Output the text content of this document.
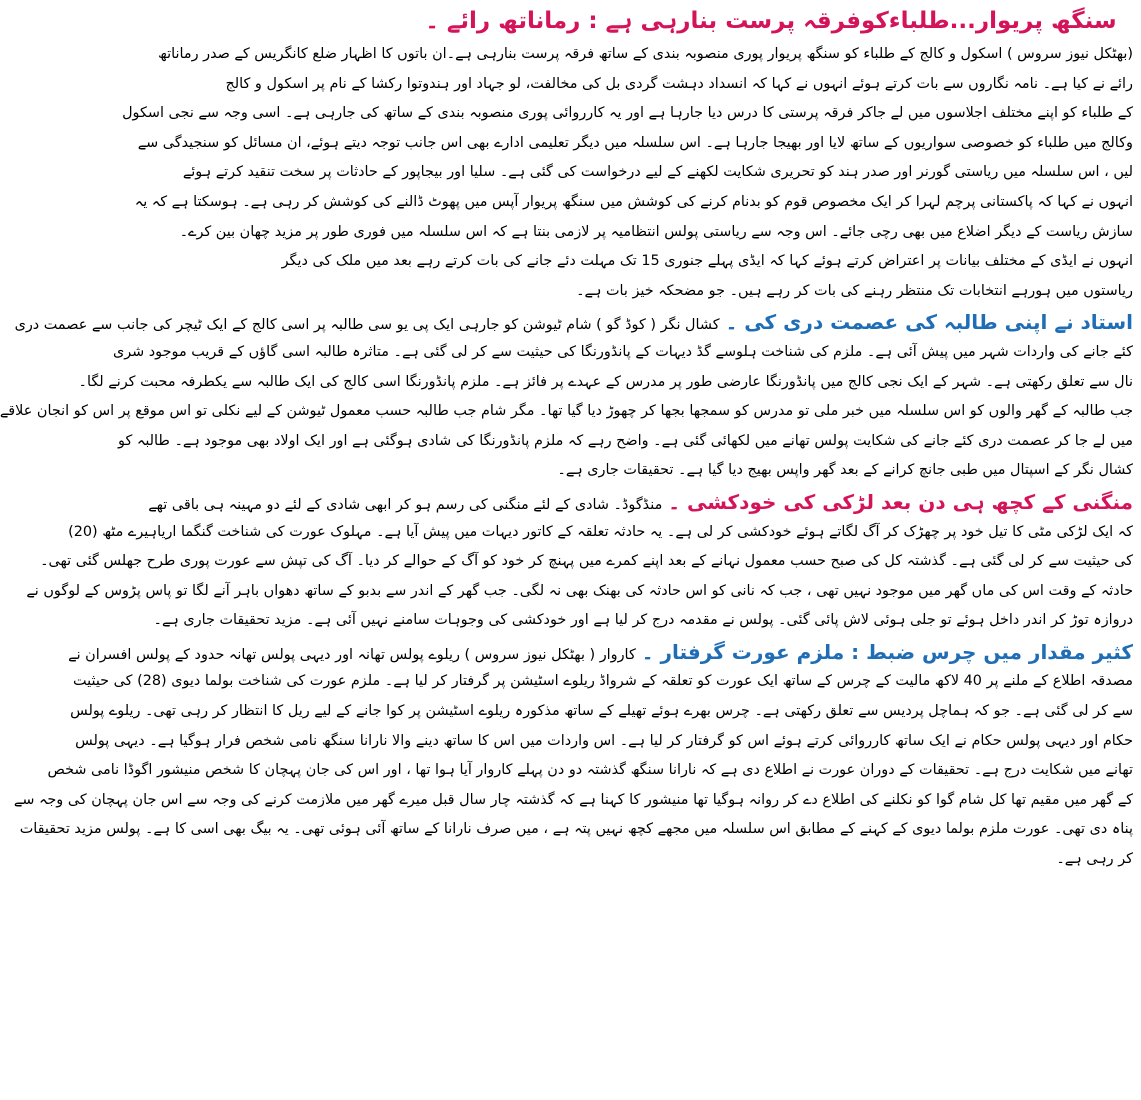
سنگھ پریوار...طلباءکوفرقہ پرست بنارہی ہے : رماناتھ رائے ۔
(بھٹکل نیوز سروس ) اسکول و کالج کے طلباء کو سنگھ پریوار پوری منصوبہ بندی کے ساتھ فرقہ پرست بنارہی ہے۔ان باتوں کا اظہار ضلع کانگریس کے صدر رماناتھ
رائے نے کیا ہے۔ نامہ نگاروں سے بات کرتے ہوئے انہوں نے کہا کہ انسداد دہشت گردی بل کی مخالفت، لو جہاد اور ہندوتوا رکشا کے نام پر اسکول و کالج
کے طلباء کو اپنے مختلف اجلاسوں میں لے جاکر فرقہ پرستی کا درس دیا جارہا ہے اور یہ کارروائی پوری منصوبہ بندی کے ساتھ کی جارہی ہے۔ اسی وجہ سے نجی اسکول
وکالج میں طلباء کو خصوصی سواریوں کے ساتھ لایا اور بھیجا جارہا ہے۔ اس سلسلہ میں دیگر تعلیمی ادارے بھی اس جانب توجہ دیتے ہوئے، ان مسائل کو سنجیدگی سے
لیں ، اس سلسلہ میں ریاستی گورنر اور صدر ہند کو تحریری شکایت لکھنے کے لیے درخواست کی گئی ہے۔ سلیا اور بیجاپور کے حادثات پر سخت تنقید کرتے ہوئے
انہوں نے کہا کہ پاکستانی پرچم لہرا کر ایک مخصوص قوم کو بدنام کرنے کی کوشش میں سنگھ پریوار آپس میں پھوٹ ڈالنے کی کوشش کر رہی ہے۔ ہوسکتا ہے کہ یہ
سازش ریاست کے دیگر اضلاع میں بھی رچی جائے۔ اس وجہ سے ریاستی پولس انتظامیہ پر لازمی بنتا ہے کہ اس سلسلہ میں فوری طور پر مزید چھان بین کرے۔
انہوں نے ایڈی کے مختلف بیانات پر اعتراض کرتے ہوئے کہا کہ ایڈی پہلے جنوری 15 تک مہلت دئے جانے کی بات کرتے رہے بعد میں ملک کی دیگر
ریاستوں میں ہورہے انتخابات تک منتظر رہنے کی بات کر رہے ہیں۔ جو مضحکہ خیز بات ہے۔
استاد نے اپنی طالبہ کی عصمت دری کی ۔کشال نگر ( کوڈ گو ) شام ٹیوشن کو جارہی ایک پی یو سی طالبہ پر اسی کالج کے ایک ٹیچر کی جانب سے عصمت دری
کئے جانے کی واردات شہر میں پیش آئی ہے۔ ملزم کی شناخت ہلوسے گڈ دیہات کے پانڈورنگا کی حیثیت سے کر لی گئی ہے۔ متاثرہ طالبہ اسی گاؤں کے قریب موجود شری
نال سے تعلق رکھتی ہے۔ شہر کے ایک نجی کالج میں پانڈورنگا عارضی طور پر مدرس کے عہدے پر فائز ہے۔ ملزم پانڈورنگا اسی کالج کی ایک طالبہ سے یکطرفہ محبت کرنے لگا۔
جب طالبہ کے گھر والوں کو اس سلسلہ میں خبر ملی تو مدرس کو سمجھا بجھا کر چھوڑ دیا گیا تھا۔ مگر شام جب طالبہ حسب معمول ٹیوشن کے لیے نکلی تو اس موقع پر اس کو انجان علاقے
میں لے جا کر عصمت دری کئے جانے کی شکایت پولس تھانے میں لکھائی گئی ہے۔ واضح رہے کہ ملزم پانڈورنگا کی شادی ہوگئی ہے اور ایک اولاد بھی موجود ہے۔ طالبہ کو
کشال نگر کے اسپتال میں طبی جانچ کرانے کے بعد گھر واپس بھیج دیا گیا ہے۔ تحقیقات جاری ہے۔
منگنی کے کچھ ہی دن بعد لڑکی کی خودکشی ۔منڈگوڈ۔ شادی کے لئے منگنی کی رسم ہو کر ابھی شادی کے لئے دو مہینہ ہی باقی تھے
کہ ایک لڑکی مٹی کا تیل خود پر چھڑک کر آگ لگاتے ہوئے خودکشی کر لی ہے۔ یہ حادثہ تعلقہ کے کاتور دیہات میں پیش آیا ہے۔ مہلوک عورت کی شناخت گنگما اریاہیرے مٹھ (20)
کی حیثیت سے کر لی گئی ہے۔ گذشتہ کل کی صبح حسب معمول نہانے کے بعد اپنے کمرے میں پہنچ کر خود کو آگ کے حوالے کر دیا۔ آگ کی تپش سے عورت پوری طرح جھلس گئی تھی۔
حادثہ کے وقت اس کی ماں گھر میں موجود نہیں تھی ، جب کہ نانی کو اس حادثہ کی بھنک بھی نہ لگی۔ جب گھر کے اندر سے بدبو کے ساتھ دھواں باہر آنے لگا تو پاس پڑوس کے لوگوں نے
دروازہ توڑ کر اندر داخل ہوئے تو جلی ہوئی لاش پائی گئی۔ پولس نے مقدمہ درج کر لیا ہے اور خودکشی کی وجوہات سامنے نہیں آئی ہے۔ مزید تحقیقات جاری ہے۔
کثیر مقدار میں چرس ضبط : ملزم عورت گرفتار ۔کاروار ( بھٹکل نیوز سروس ) ریلوے پولس تھانہ اور دیہی پولس تھانہ حدود کے پولس افسران نے
مصدقہ اطلاع کے ملنے پر 40 لاکھ مالیت کے چرس کے ساتھ ایک عورت کو تعلقہ کے شرواڈ ریلوے اسٹیشن پر گرفتار کر لیا ہے۔ ملزم عورت کی شناخت بولما دیوی (28) کی حیثیت
سے کر لی گئی ہے۔ جو کہ ہماچل پردیس سے تعلق رکھتی ہے۔ چرس بھرے ہوئے تھیلے کے ساتھ مذکورہ ریلوے اسٹیشن پر کوا جانے کے لیے ریل کا انتظار کر رہی تھی۔ ریلوے پولس
حکام اور دیہی پولس حکام نے ایک ساتھ کارروائی کرتے ہوئے اس کو گرفتار کر لیا ہے۔ اس واردات میں اس کا ساتھ دینے والا نارانا سنگھ نامی شخص فرار ہوگیا ہے۔ دیہی پولس
تھانے میں شکایت درج ہے۔ تحقیقات کے دوران عورت نے اطلاع دی ہے کہ نارانا سنگھ گذشتہ دو دن پہلے کاروار آیا ہوا تھا ، اور اس کی جان پہچان کا شخص منیشور اگوڈا نامی شخص
کے گھر میں مقیم تھا کل شام گوا کو نکلنے کی اطلاع دے کر روانہ ہوگیا تھا منیشور کا کہنا ہے کہ گذشتہ چار سال قبل میرے گھر میں ملازمت کرنے کی وجہ سے اس جان پہچان کی وجہ سے
پناہ دی تھی۔ عورت ملزم بولما دیوی کے کہنے کے مطابق اس سلسلہ میں مجھے کچھ نہیں پتہ ہے ، میں صرف نارانا کے ساتھ آئی ہوئی تھی۔ یہ بیگ بھی اسی کا ہے۔ پولس مزید تحقیقات
کر رہی ہے۔
